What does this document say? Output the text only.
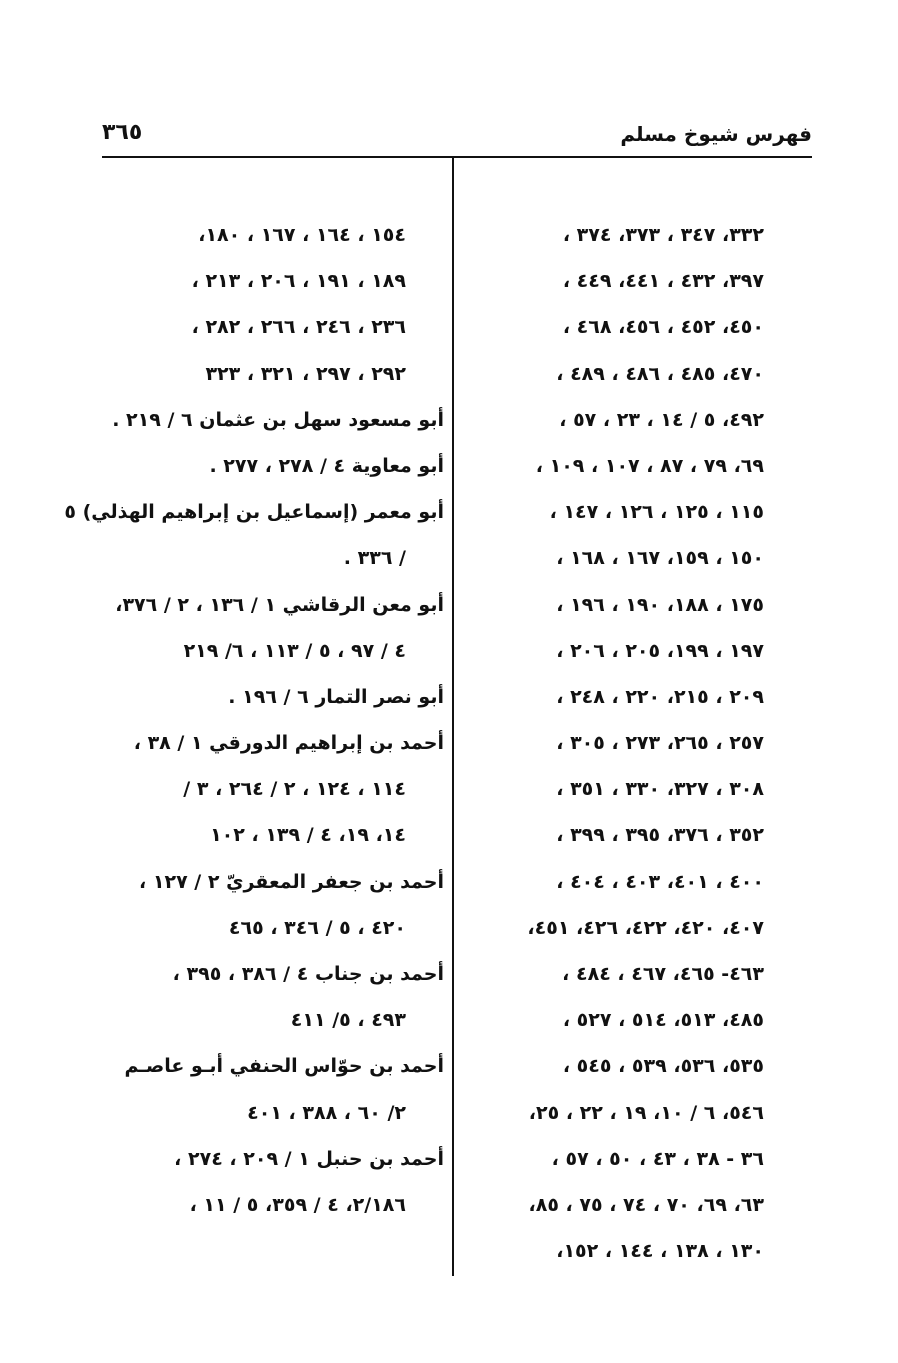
فهرس شيوخ مسلم
٣٦٥
٣٣٢، ٣٤٧ ، ٣٧٣، ٣٧٤ ،
٣٩٧، ٤٣٢ ، ٤٤١، ٤٤٩ ،
٤٥٠، ٤٥٢ ، ٤٥٦، ٤٦٨ ،
٤٧٠، ٤٨٥ ، ٤٨٦ ، ٤٨٩ ،
٤٩٢، ٥ / ١٤ ، ٢٣ ، ٥٧ ،
٦٩، ٧٩ ، ٨٧ ، ١٠٧ ، ١٠٩ ،
١١٥ ، ١٢٥ ، ١٢٦ ، ١٤٧ ،
١٥٠ ، ١٥٩، ١٦٧ ، ١٦٨ ،
١٧٥ ، ١٨٨، ١٩٠ ، ١٩٦ ،
١٩٧ ، ١٩٩، ٢٠٥ ، ٢٠٦ ،
٢٠٩ ، ٢١٥، ٢٢٠ ، ٢٤٨ ،
٢٥٧ ، ٢٦٥، ٢٧٣ ، ٣٠٥ ،
٣٠٨ ، ٣٢٧، ٣٣٠ ، ٣٥١ ،
٣٥٢ ، ٣٧٦، ٣٩٥ ، ٣٩٩ ،
٤٠٠ ، ٤٠١، ٤٠٣ ، ٤٠٤ ،
٤٠٧، ٤٢٠، ٤٢٢، ٤٢٦، ٤٥١،
٤٦٣- ٤٦٥، ٤٦٧ ، ٤٨٤ ،
٤٨٥، ٥١٣، ٥١٤ ، ٥٢٧ ،
٥٣٥، ٥٣٦، ٥٣٩ ، ٥٤٥ ،
٥٤٦، ٦ / ١٠، ١٩ ، ٢٢ ، ٢٥،
٣٦ - ٣٨ ، ٤٣ ، ٥٠ ، ٥٧ ،
٦٣، ٦٩، ٧٠ ، ٧٤ ، ٧٥ ، ٨٥،
١٣٠ ، ١٣٨ ، ١٤٤ ، ١٥٢،
١٥٤ ، ١٦٤ ، ١٦٧ ، ١٨٠،
١٨٩ ، ١٩١ ، ٢٠٦ ، ٢١٣ ،
٢٣٦ ، ٢٤٦ ، ٢٦٦ ، ٢٨٢ ،
٢٩٢ ، ٢٩٧ ، ٣٢١ ، ٣٢٣
أبو مسعود سهل بن عثمان ٦ / ٢١٩ .
أبو معاوية ٤ / ٢٧٨ ، ٢٧٧ .
أبو معمر (إسماعيل بن إبراهيم الهذلي) ٥
/ ٣٣٦ .
أبو معن الرقاشي ١ / ١٣٦ ، ٢ / ٣٧٦،
٤ / ٩٧ ، ٥ / ١١٣ ، ٦/ ٢١٩
أبو نصر التمار ٦ / ١٩٦ .
أحمد بن إبراهيم الدورقي ١ / ٣٨ ،
١١٤ ، ١٢٤ ، ٢ / ٢٦٤ ، ٣ /
١٤، ١٩، ٤ / ١٣٩ ، ١٠٢
أحمد بن جعفر المعقريّ ٢ / ١٢٧ ،
٤٢٠ ، ٥ / ٣٤٦ ، ٤٦٥
أحمد بن جناب ٤ / ٣٨٦ ، ٣٩٥ ،
٤٩٣ ، ٥/ ٤١١
أحمد بن حوّاس الحنفي أبـو عاصـم
٢/ ٦٠ ، ٣٨٨ ، ٤٠١
أحمد بن حنبل ١ / ٢٠٩ ، ٢٧٤ ،
٢/١٨٦، ٤ / ٣٥٩، ٥ / ١١ ،
